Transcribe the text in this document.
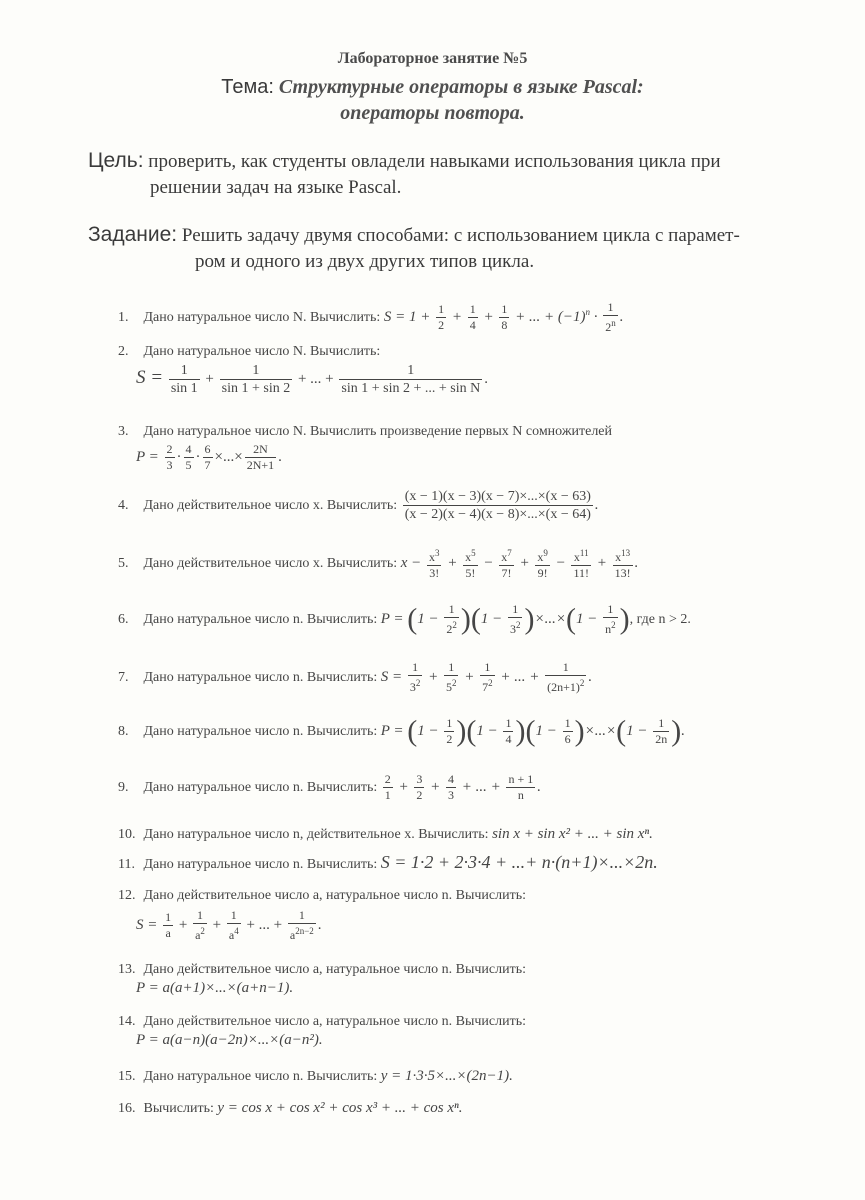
Лабораторное занятие №5
Тема: Структурные операторы в языке Pascal:
операторы повтора.
Цель: проверить, как студенты овладели навыками использования цикла при
решении задач на языке Pascal.
Задание: Решить задачу двумя способами: с использованием цикла с парамет-
ром и одного из двух других типов цикла.
1. Дано натуральное число N. Вычислить: $S = 1 + \frac{1}{2} + \frac{1}{4} + \frac{1}{8}$ + ... + $(-1)^n \cdot \frac{1}{2^n}$ .
2. Дано натуральное число N. Вычислить:
$S = \frac{1}{\sin 1} + \frac{1}{\sin 1 + \sin 2}$ + ... + $\frac{1}{\text{sin 1 + sin 2 + ... + sin N}}$ .
3. Дано натуральное число N. Вычислить произведение первых N сомножителей
$P = \frac{2}{3} \cdot \frac{4}{5} \cdot \frac{6}{7}$ ×...× $\frac{2N}{2N+1}$ .
4. Дано действительное число x. Вычислить: $\frac{(x - 1)(x - 3)(x - 7)\times...\times(x - 63)}{(x - 2)(x - 4)(x - 8)\times...\times(x - 64)}$ .
5. Дано действительное число x. Вычислить: $x - \frac{x^3}{3!} + \frac{x^5}{5!} - \frac{x^7}{7!} + \frac{x^9}{9!} - \frac{x^{11}}{11!} + \frac{x^{13}}{13!}$ .
6. Дано натуральное число n. Вычислить: $P = (1 - \frac{1}{2^2} )(1 - \frac{1}{3^2} )\times...\times(1 - \frac{1}{n^2}$ ), где n > 2.
7. Дано натуральное число n. Вычислить: $S = \frac{1}{3^2} + \frac{1}{5^2} + \frac{1}{7^2}$ + ... + $\frac{1}{(2n+1)^2}$ .
8. Дано натуральное число n. Вычислить: $P = (1 - \frac{1}{2} )(1 - \frac{1}{4} )(1 - \frac{1}{6} )\times...\times(1 - \frac{1}{2n}$ ).
9. Дано натуральное число n. Вычислить: $\frac{2}{1} + \frac{3}{2} + \frac{4}{3}$ + ... + $\frac{n + 1}{n}$ .
10. Дано натуральное число n, действительное x. Вычислить: sin x + sin x² + ... + sin xⁿ.
11. Дано натуральное число n. Вычислить: S = 1·2 + 2·3·4 + ...+ n·(n+1)×...×2n.
12. Дано действительное число a, натуральное число n. Вычислить:
$S = \frac{1}{a} + \frac{1}{a^2} + \frac{1}{a^4}$ + ... + $\frac{1}{a^{2n-2}}$ .
13. Дано действительное число a, натуральное число n. Вычислить:
P = a(a+1)×...×(a+n−1).
14. Дано действительное число a, натуральное число n. Вычислить:
P = a(a−n)(a−2n)×...×(a−n²).
15. Дано натуральное число n. Вычислить: y = 1·3·5×...×(2n−1).
16. Вычислить: y = cos x + cos x² + cos x³ + ... + cos xⁿ.
